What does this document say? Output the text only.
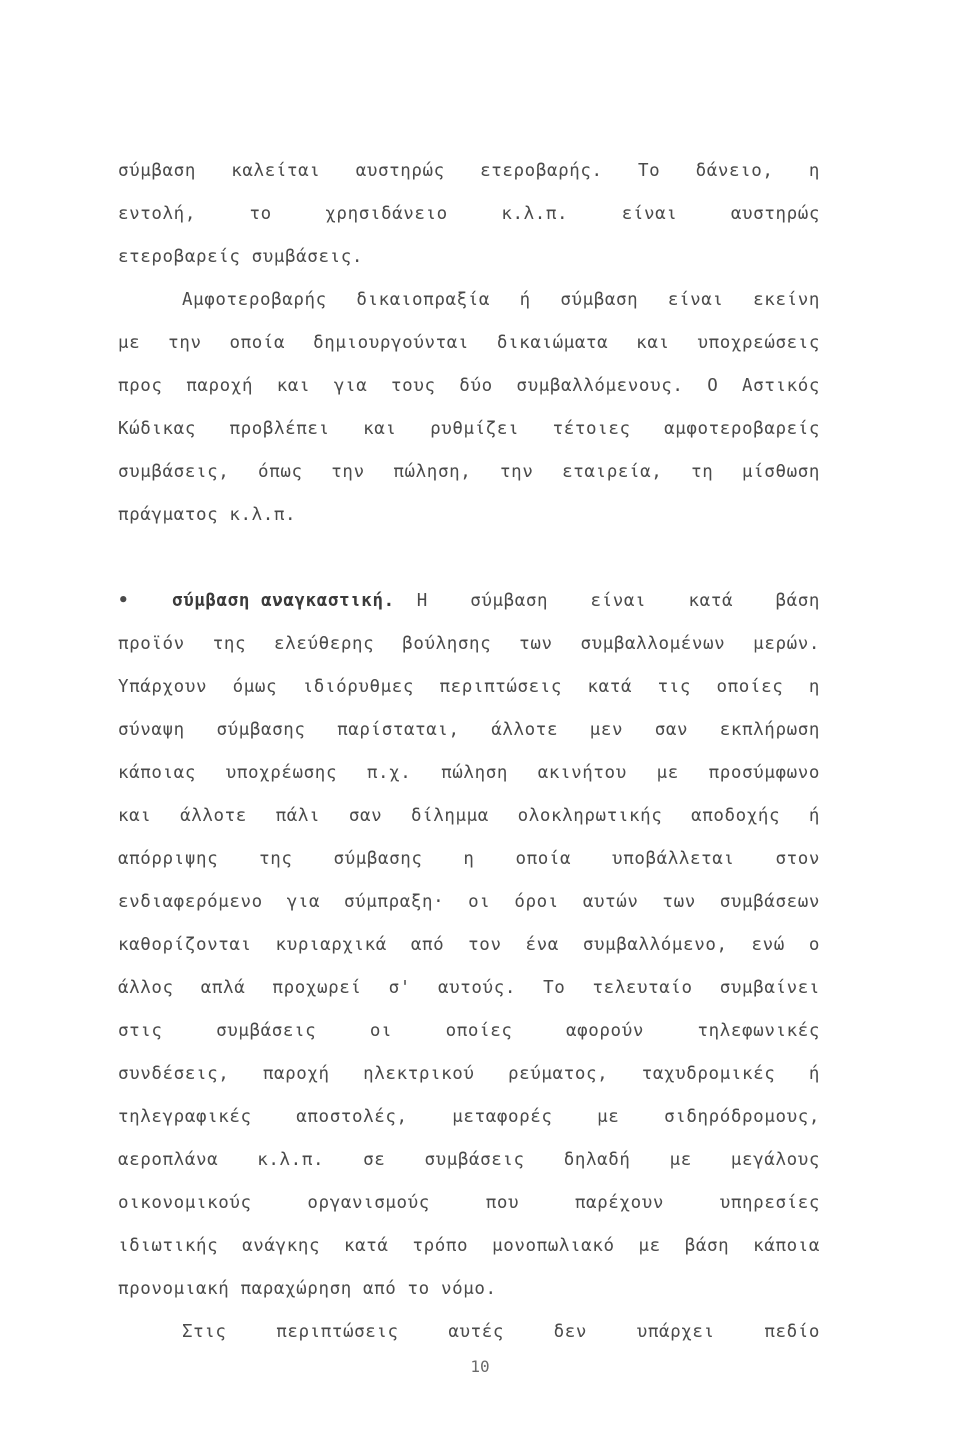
σύμβαση καλείται αυστηρώς ετεροβαρής. Το δάνειο, η
εντολή, το χρησιδάνειο κ.λ.π. είναι αυστηρώς
ετεροβαρείς συμβάσεις.
Αμφοτεροβαρής δικαιοπραξία ή σύμβαση είναι εκείνη
με την οποία δημιουργούνται δικαιώματα και υποχρεώσεις
προς παροχή και για τους δύο συμβαλλόμενους. Ο Αστικός
Κώδικας προβλέπει και ρυθμίζει τέτοιες αμφοτεροβαρείς
συμβάσεις, όπως την πώληση, την εταιρεία, τη μίσθωση
πράγματος κ.λ.π.
•	σύμβαση αναγκαστική.	Η σύμβαση είναι κατά βάση
προϊόν της ελεύθερης βούλησης των συμβαλλομένων μερών.
Υπάρχουν όμως ιδιόρυθμες περιπτώσεις κατά τις οποίες η
σύναψη σύμβασης παρίσταται, άλλοτε μεν σαν εκπλήρωση
κάποιας υποχρέωσης π.χ. πώληση ακινήτου με προσύμφωνο
και άλλοτε πάλι σαν δίλημμα ολοκληρωτικής αποδοχής ή
απόρριψης της σύμβασης η οποία υποβάλλεται στον
ενδιαφερόμενο για σύμπραξη· οι όροι αυτών των συμβάσεων
καθορίζονται κυριαρχικά από τον ένα συμβαλλόμενο, ενώ ο
άλλος απλά προχωρεί σ' αυτούς. Το τελευταίο συμβαίνει
στις συμβάσεις οι οποίες αφορούν τηλεφωνικές
συνδέσεις, παροχή ηλεκτρικού ρεύματος, ταχυδρομικές ή
τηλεγραφικές αποστολές, μεταφορές με σιδηρόδρομους,
αεροπλάνα κ.λ.π. σε συμβάσεις δηλαδή με μεγάλους
οικονομικούς οργανισμούς που παρέχουν υπηρεσίες
ιδιωτικής ανάγκης κατά τρόπο μονοπωλιακό με βάση κάποια
προνομιακή παραχώρηση από το νόμο.
Στις περιπτώσεις αυτές δεν υπάρχει πεδίο
10
